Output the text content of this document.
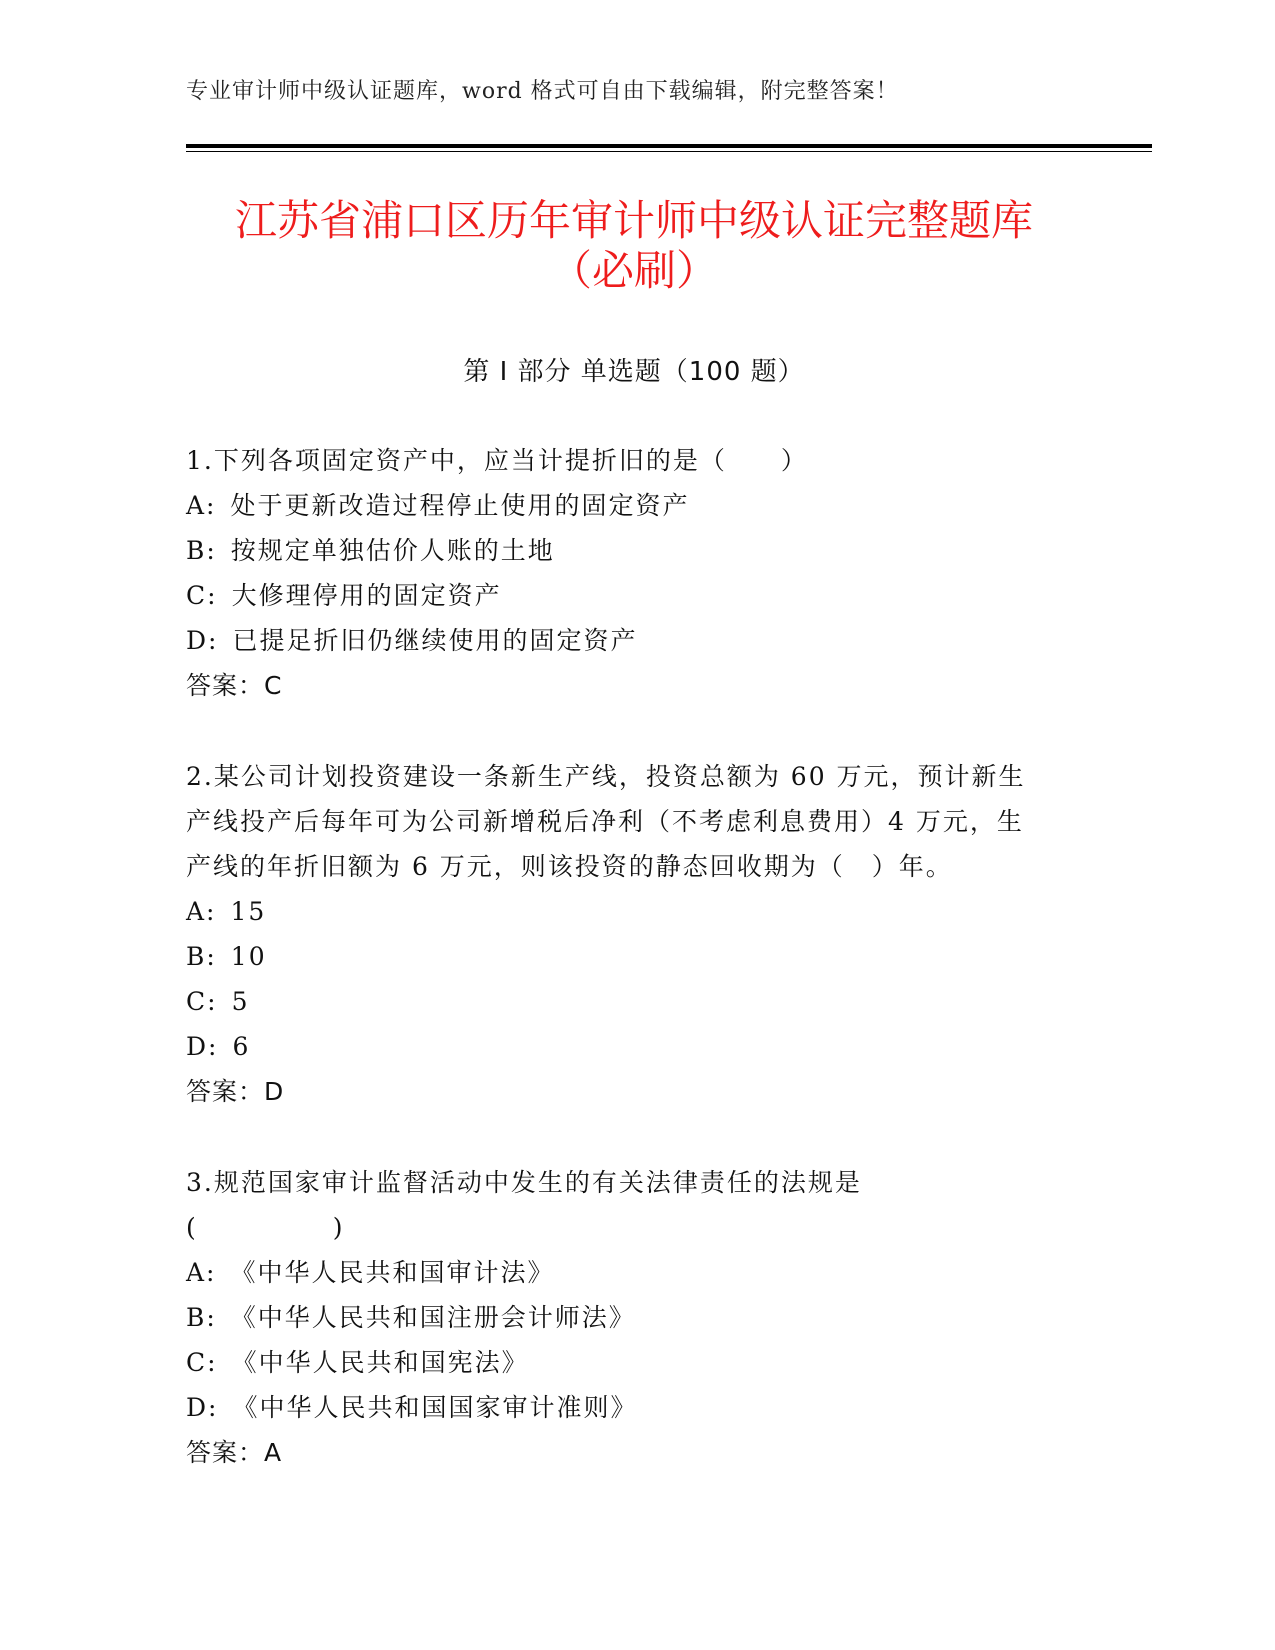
专业审计师中级认证题库，word 格式可自由下载编辑，附完整答案！
江苏省浦口区历年审计师中级认证完整题库
（必刷）
第 I 部分 单选题（100 题）
1.下列各项固定资产中，应当计提折旧的是（　　）
A: 处于更新改造过程停止使用的固定资产
B: 按规定单独估价人账的土地
C: 大修理停用的固定资产
D: 已提足折旧仍继续使用的固定资产
答案：C
2.某公司计划投资建设一条新生产线，投资总额为 60 万元，预计新生
产线投产后每年可为公司新增税后净利（不考虑利息费用）4 万元，生
产线的年折旧额为 6 万元，则该投资的静态回收期为（　）年。
A: 15
B: 10
C: 5
D: 6
答案：D
3.规范国家审计监督活动中发生的有关法律责任的法规是
(　　　　　)
A: 《中华人民共和国审计法》
B: 《中华人民共和国注册会计师法》
C: 《中华人民共和国宪法》
D: 《中华人民共和国国家审计准则》
答案：A
